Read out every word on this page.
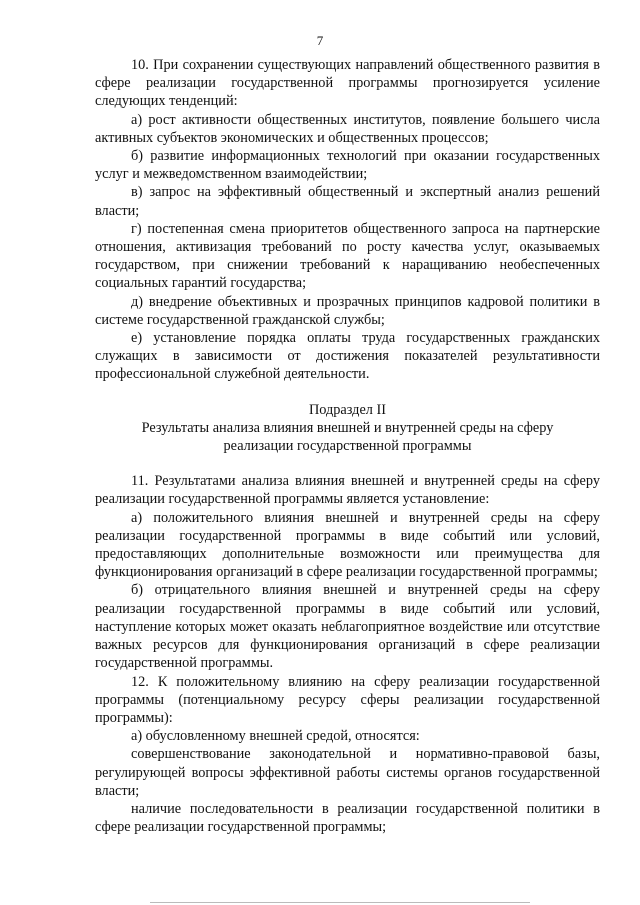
7

10. При сохранении существующих направлений общественного развития в сфере реализации государственной программы прогнозируется усиление следующих тенденций:

а) рост активности общественных институтов, появление большего числа активных субъектов экономических и общественных процессов;

б) развитие информационных технологий при оказании государственных услуг и межведомственном взаимодействии;

в) запрос на эффективный общественный и экспертный анализ решений власти;

г) постепенная смена приоритетов общественного запроса на партнерские отношения, активизация требований по росту качества услуг, оказываемых государством, при снижении требований к наращиванию необеспеченных социальных гарантий государства;

д) внедрение объективных и прозрачных принципов кадровой политики в системе государственной гражданской службы;

е) установление порядка оплаты труда государственных гражданских служащих в зависимости от достижения показателей результативности профессиональной служебной деятельности.

Подраздел II

Результаты анализа влияния внешней и внутренней среды на сферу

реализации государственной программы

11. Результатами анализа влияния внешней и внутренней среды на сферу реализации государственной программы является установление:

а) положительного влияния внешней и внутренней среды на сферу реализации государственной программы в виде событий или условий, предоставляющих дополнительные возможности или преимущества для функционирования организаций в сфере реализации государственной программы;

б) отрицательного влияния внешней и внутренней среды на сферу реализации государственной программы в виде событий или условий, наступление которых может оказать неблагоприятное воздействие или отсутствие важных ресурсов для функционирования организаций в сфере реализации государственной программы.

12. К положительному влиянию на сферу реализации государственной программы (потенциальному ресурсу сферы реализации государственной программы):

а) обусловленному внешней средой, относятся:

совершенствование законодательной и нормативно-правовой базы, регулирующей вопросы эффективной работы системы органов государственной власти;

наличие последовательности в реализации государственной политики в сфере реализации государственной программы;
